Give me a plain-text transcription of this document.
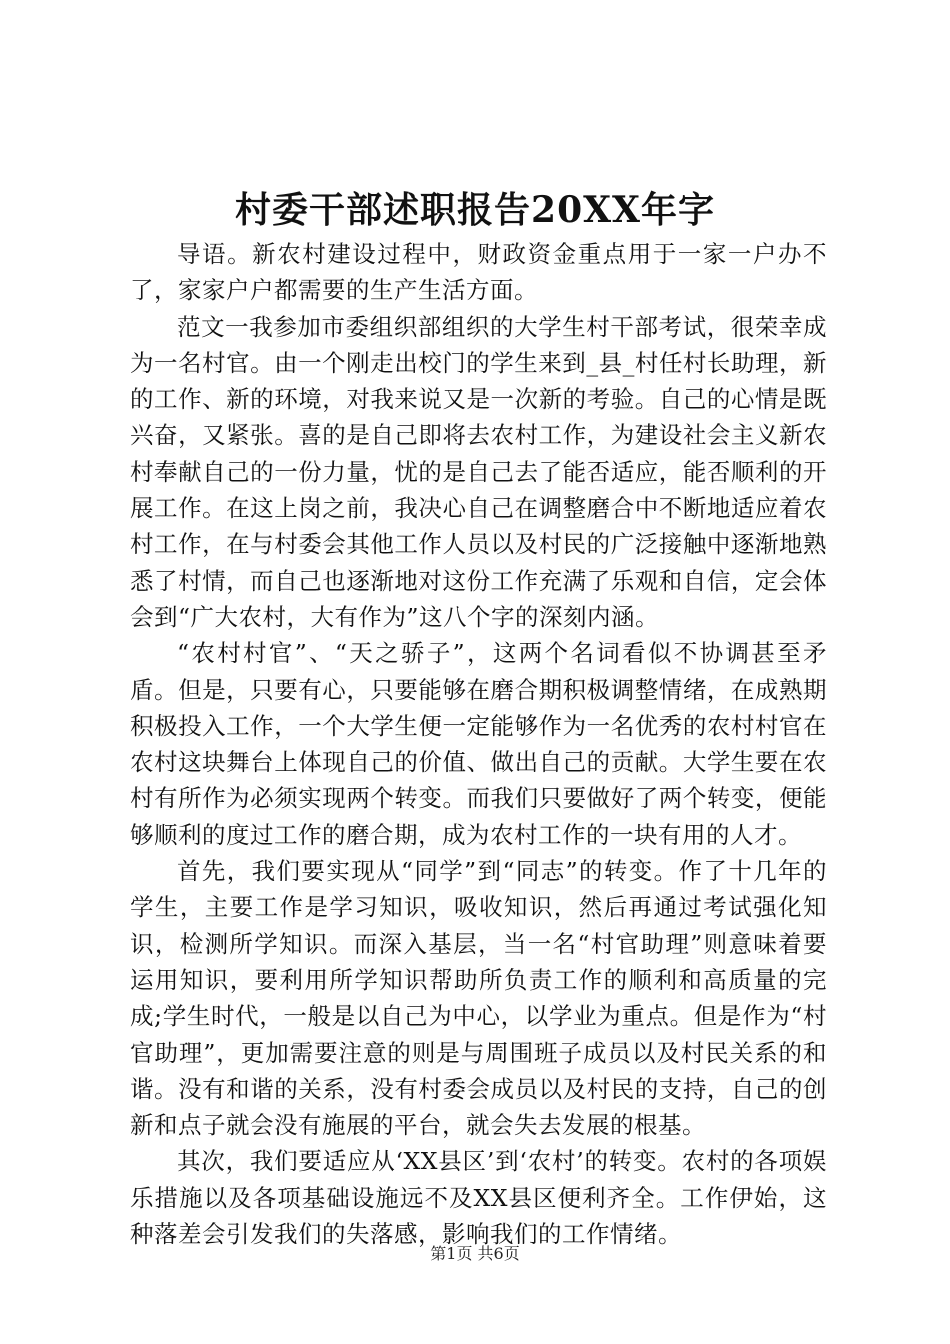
村委干部述职报告20XX年字

导语。新农村建设过程中，财政资金重点用于一家一户办不了，家家户户都需要的生产生活方面。

范文一我参加市委组织部组织的大学生村干部考试，很荣幸成为一名村官。由一个刚走出校门的学生来到_县_村任村长助理，新的工作、新的环境，对我来说又是一次新的考验。自己的心情是既兴奋，又紧张。喜的是自己即将去农村工作，为建设社会主义新农村奉献自己的一份力量，忧的是自己去了能否适应，能否顺利的开展工作。在这上岗之前，我决心自己在调整磨合中不断地适应着农村工作，在与村委会其他工作人员以及村民的广泛接触中逐渐地熟悉了村情，而自己也逐渐地对这份工作充满了乐观和自信，定会体会到“广大农村，大有作为”这八个字的深刻内涵。

“农村村官”、“天之骄子”，这两个名词看似不协调甚至矛盾。但是，只要有心，只要能够在磨合期积极调整情绪，在成熟期积极投入工作，一个大学生便一定能够作为一名优秀的农村村官在农村这块舞台上体现自己的价值、做出自己的贡献。大学生要在农村有所作为必须实现两个转变。而我们只要做好了两个转变，便能够顺利的度过工作的磨合期，成为农村工作的一块有用的人才。

首先，我们要实现从“同学”到“同志”的转变。作了十几年的学生，主要工作是学习知识，吸收知识，然后再通过考试强化知识，检测所学知识。而深入基层，当一名“村官助理”则意味着要运用知识，要利用所学知识帮助所负责工作的顺利和高质量的完成;学生时代，一般是以自己为中心，以学业为重点。但是作为“村官助理”，更加需要注意的则是与周围班子成员以及村民关系的和谐。没有和谐的关系，没有村委会成员以及村民的支持，自己的创新和点子就会没有施展的平台，就会失去发展的根基。

其次，我们要适应从‘XX县区’到‘农村’的转变。农村的各项娱乐措施以及各项基础设施远不及XX县区便利齐全。工作伊始，这种落差会引发我们的失落感，影响我们的工作情绪。

第1页 共6页
